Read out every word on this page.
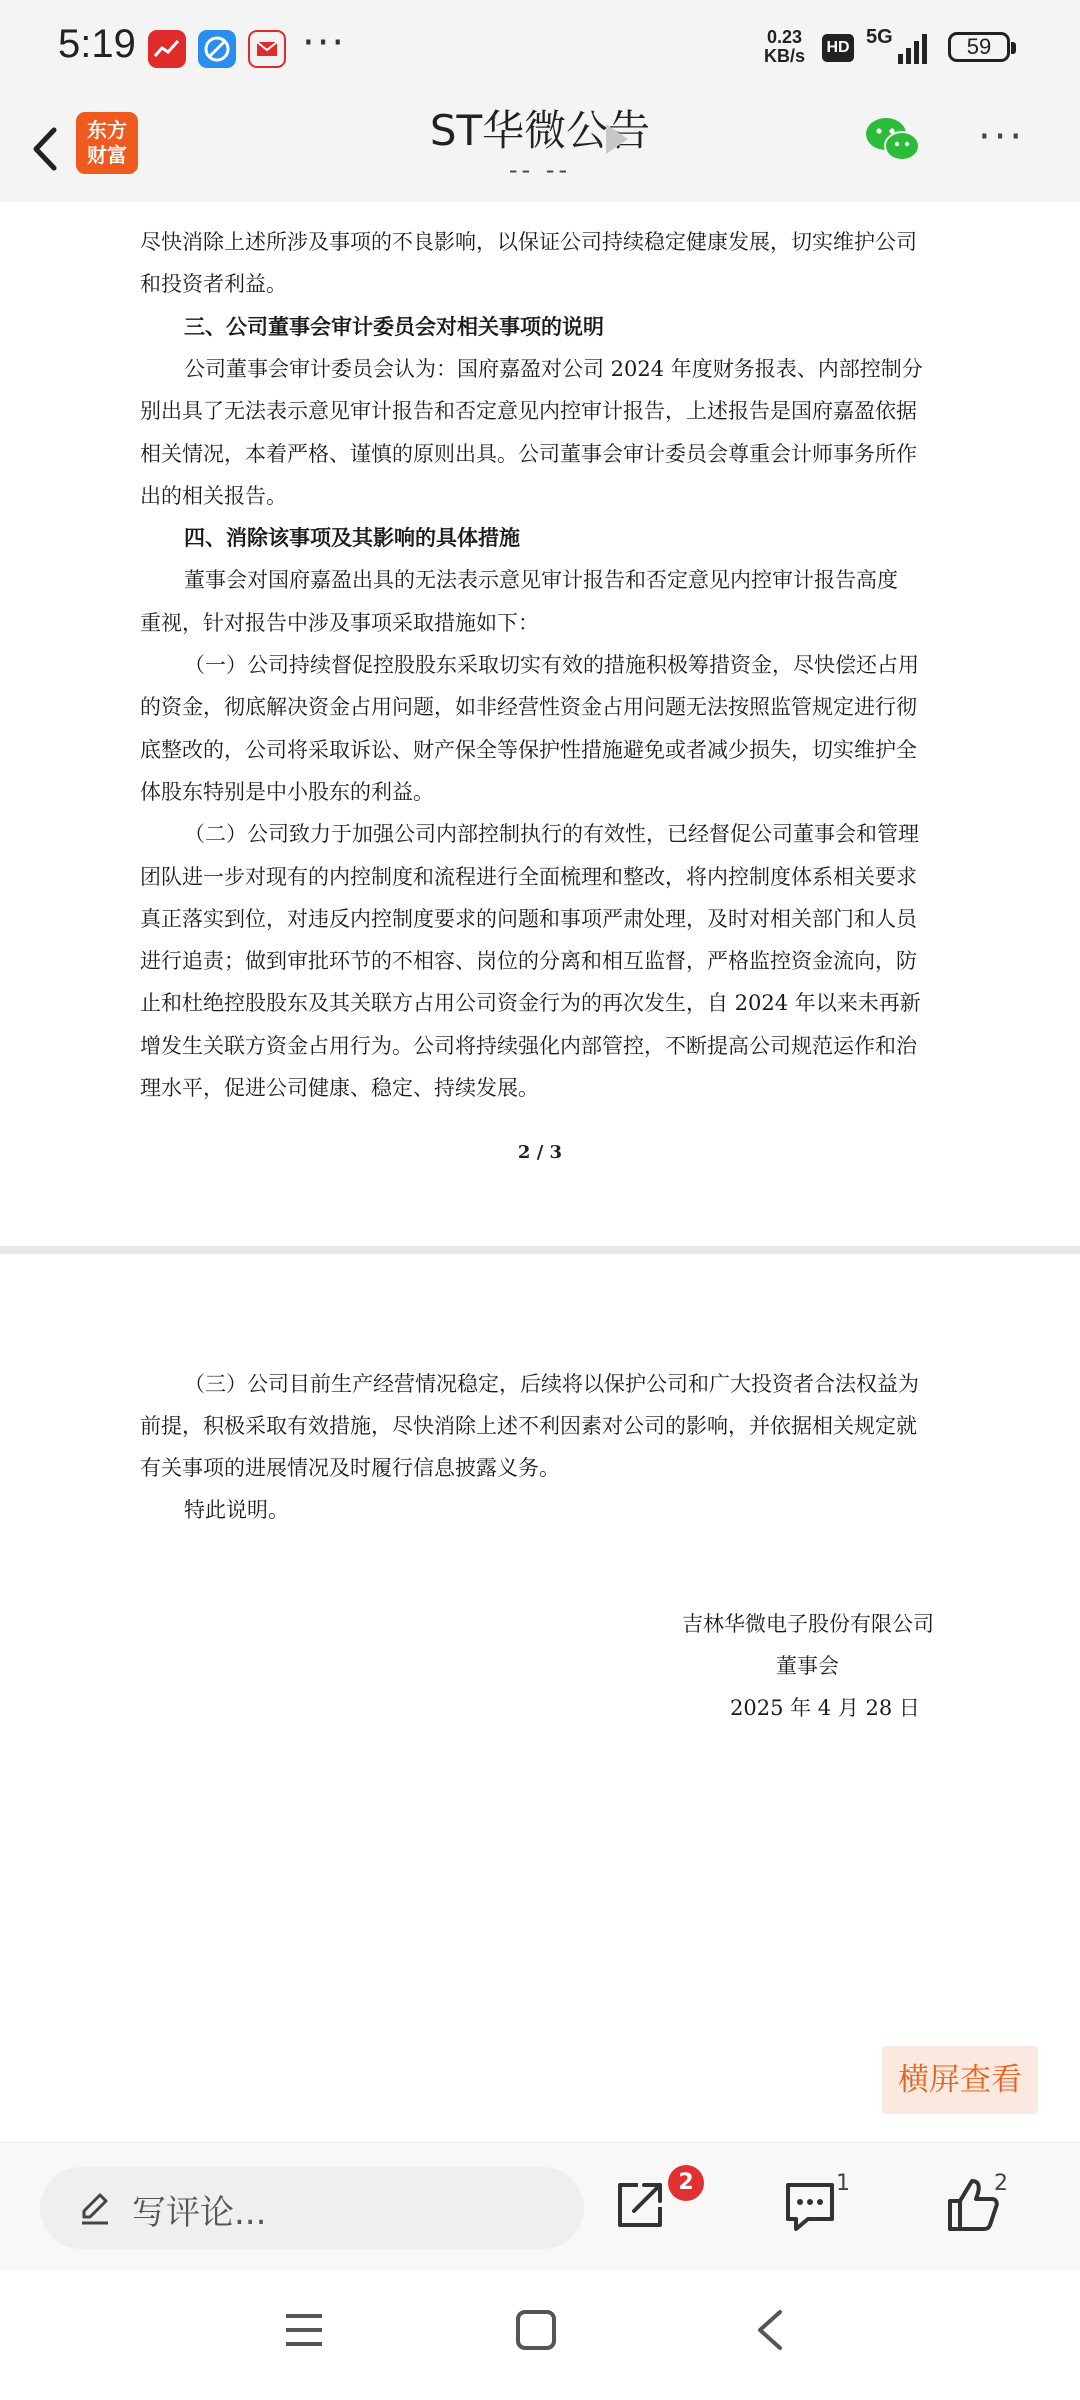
5:19	···	0.23
KB/s HD 5G	59
东方
财富	ST华微公告
-- --
···
尽快消除上述所涉及事项的不良影响，以保证公司持续稳定健康发展，切实维护公司
和投资者利益。
三、公司董事会审计委员会对相关事项的说明
公司董事会审计委员会认为：国府嘉盈对公司 2024 年度财务报表、内部控制分
别出具了无法表示意见审计报告和否定意见内控审计报告，上述报告是国府嘉盈依据
相关情况，本着严格、谨慎的原则出具。公司董事会审计委员会尊重会计师事务所作
出的相关报告。
四、消除该事项及其影响的具体措施
董事会对国府嘉盈出具的无法表示意见审计报告和否定意见内控审计报告高度
重视，针对报告中涉及事项采取措施如下：
（一）公司持续督促控股股东采取切实有效的措施积极筹措资金，尽快偿还占用
的资金，彻底解决资金占用问题，如非经营性资金占用问题无法按照监管规定进行彻
底整改的，公司将采取诉讼、财产保全等保护性措施避免或者减少损失，切实维护全
体股东特别是中小股东的利益。
（二）公司致力于加强公司内部控制执行的有效性，已经督促公司董事会和管理
团队进一步对现有的内控制度和流程进行全面梳理和整改，将内控制度体系相关要求
真正落实到位，对违反内控制度要求的问题和事项严肃处理，及时对相关部门和人员
进行追责；做到审批环节的不相容、岗位的分离和相互监督，严格监控资金流向，防
止和杜绝控股股东及其关联方占用公司资金行为的再次发生，自 2024 年以来未再新
增发生关联方资金占用行为。公司将持续强化内部管控，不断提高公司规范运作和治
理水平，促进公司健康、稳定、持续发展。
（三）公司目前生产经营情况稳定，后续将以保护公司和广大投资者合法权益为
前提，积极采取有效措施，尽快消除上述不利因素对公司的影响，并依据相关规定就
有关事项的进展情况及时履行信息披露义务。
特此说明。
2 / 3
吉林华微电子股份有限公司
董事会
2025 年 4 月 28 日
横屏查看
写评论...
2	1	2
